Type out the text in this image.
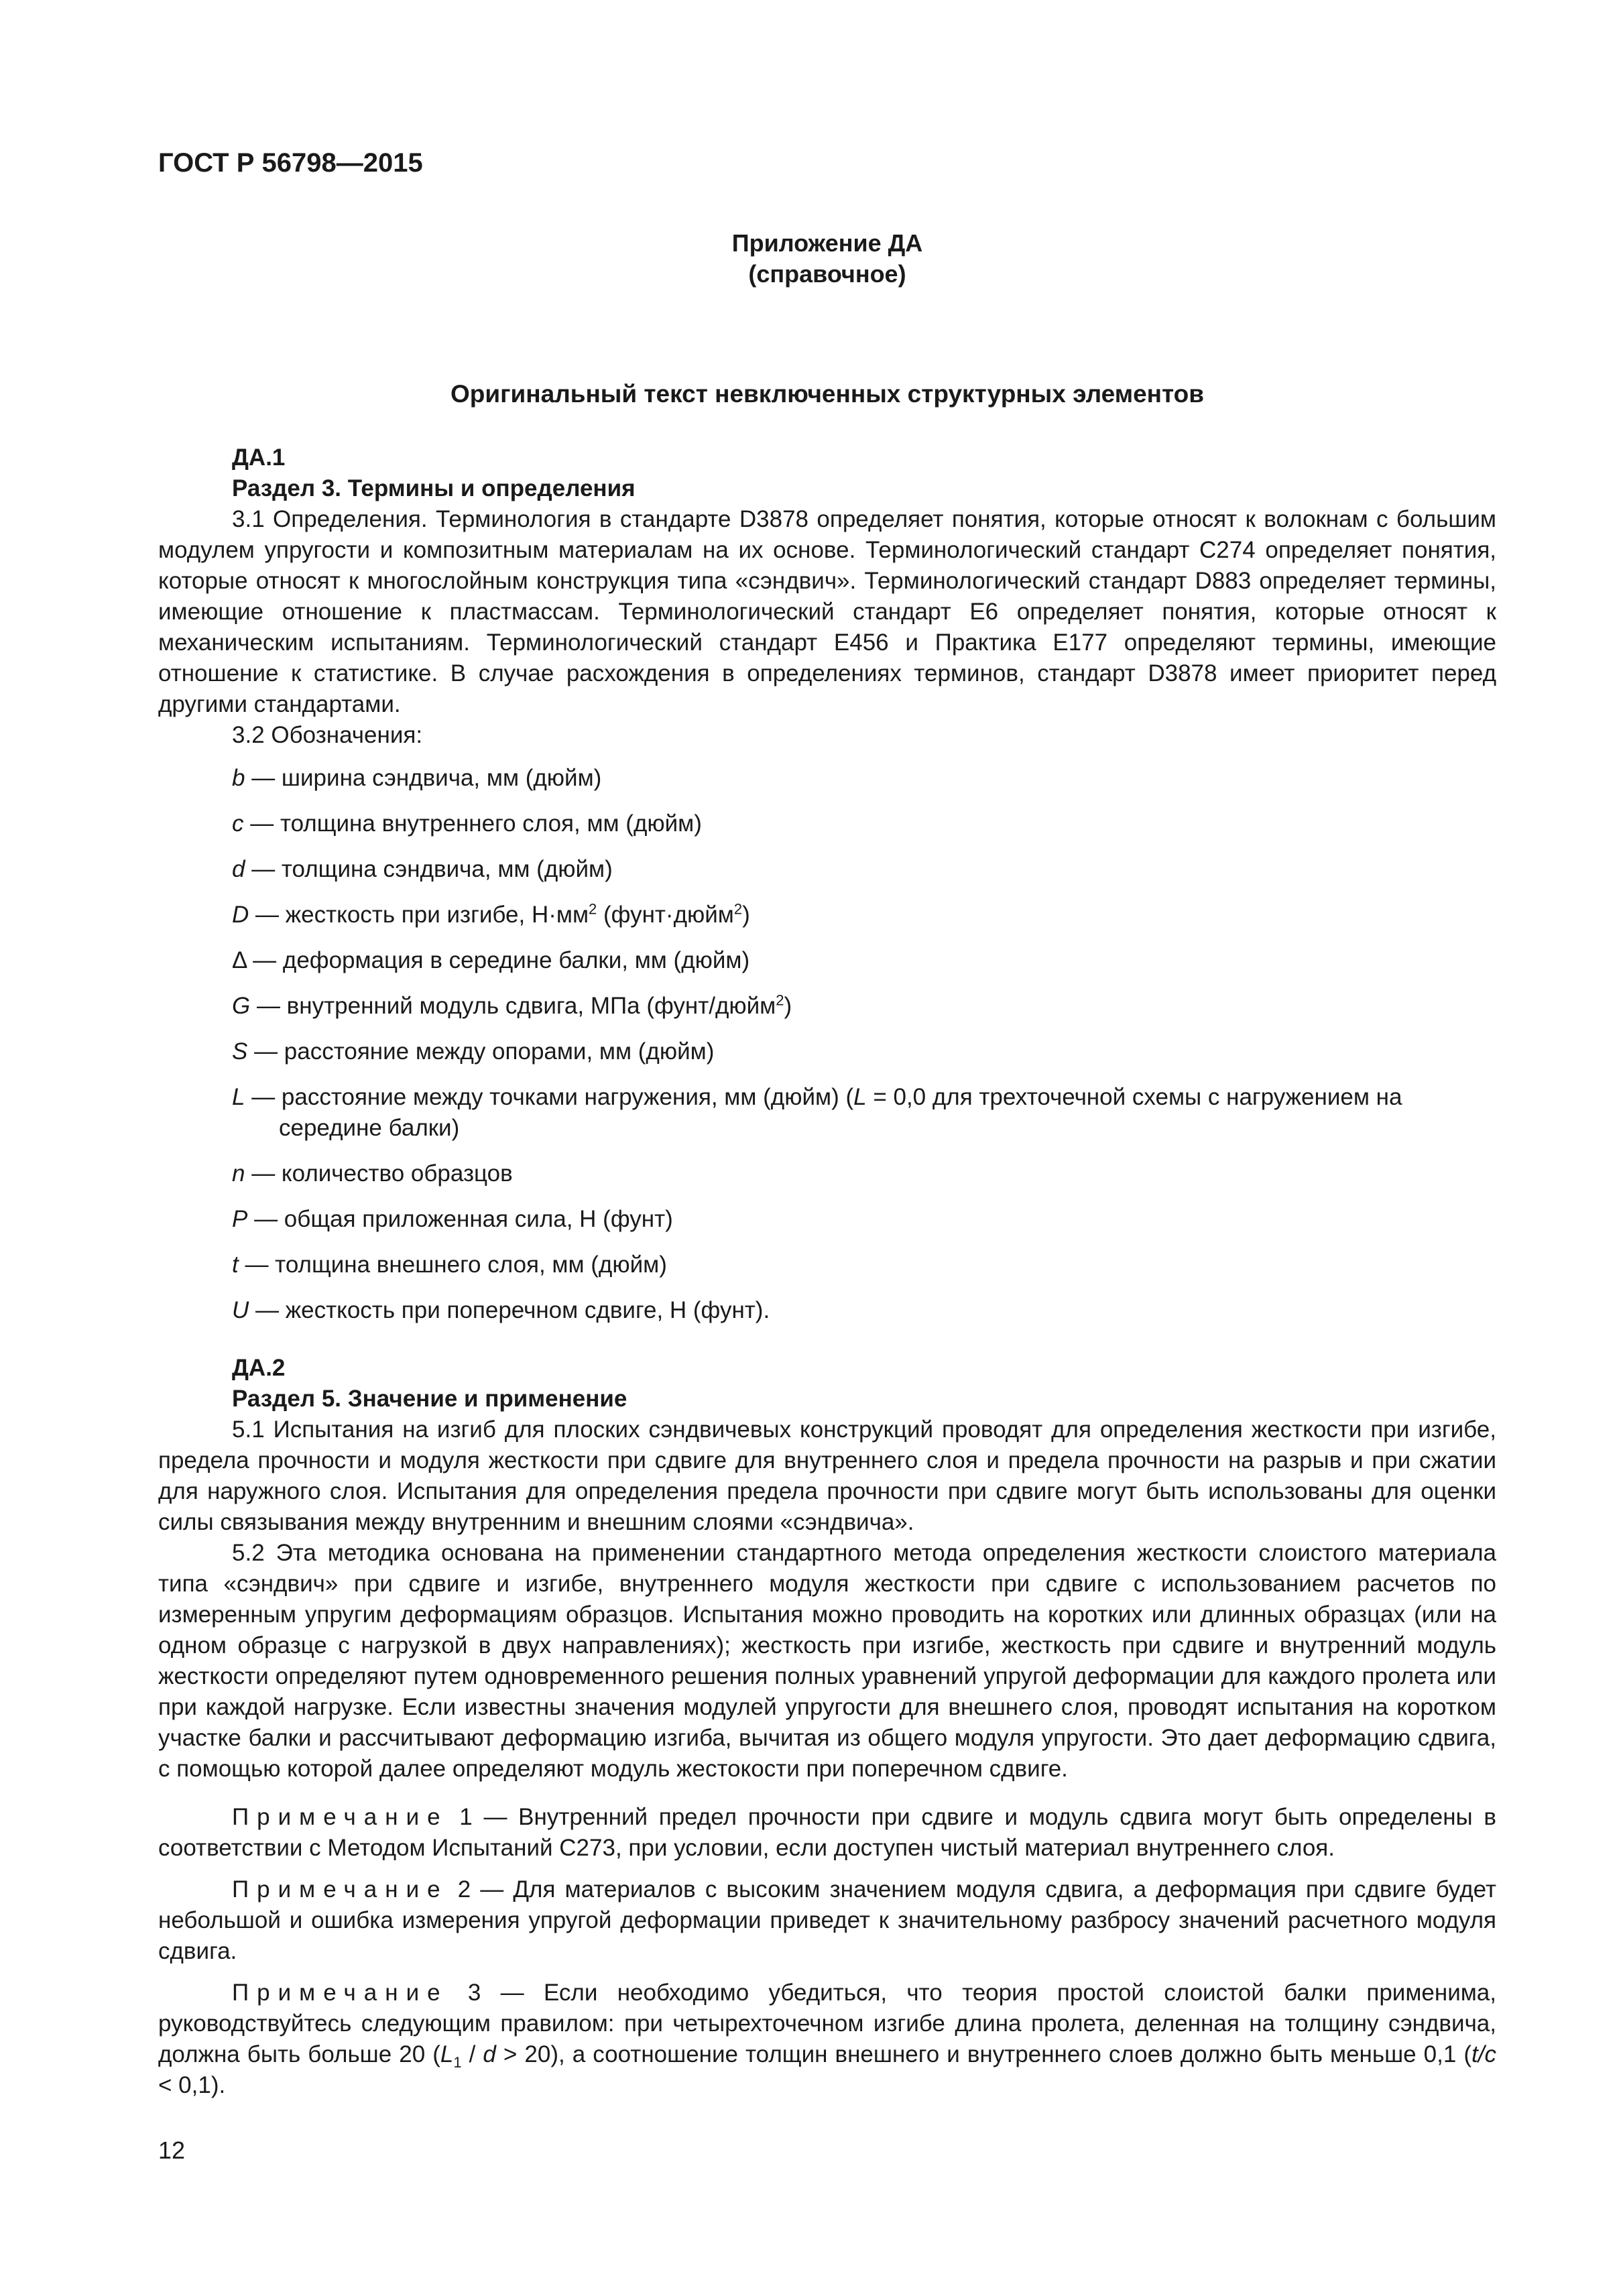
ГОСТ Р 56798—2015
Приложение ДА
(справочное)
Оригинальный текст невключенных структурных элементов
ДА.1
Раздел 3. Термины и определения

3.1 Определения. Терминология в стандарте D3878 определяет понятия, которые относят к волокнам с большим модулем упругости и композитным материалам на их основе. Терминологический стандарт С274 определяет понятия, которые относят к многослойным конструкция типа «сэндвич». Терминологический стандарт D883 определяет термины, имеющие отношение к пластмассам. Терминологический стандарт Е6 определяет понятия, которые относят к механическим испытаниям. Терминологический стандарт Е456 и Практика Е177 определяют термины, имеющие отношение к статистике. В случае расхождения в определениях терминов, стандарт D3878 имеет приоритет перед другими стандартами.

3.2 Обозначения:

b — ширина сэндвича, мм (дюйм)
c — толщина внутреннего слоя, мм (дюйм)
d — толщина сэндвича, мм (дюйм)
D — жесткость при изгибе, $Н\cdot мм^2$ (фунт·дюйм$^2$)
Δ — деформация в середине балки, мм (дюйм)
G — внутренний модуль сдвига, МПа (фунт/дюйм$^2$)
S — расстояние между опорами, мм (дюйм)
L — расстояние между точками нагружения, мм (дюйм) (L = 0,0 для трехточечной схемы с нагружением на середине балки)
n — количество образцов
P — общая приложенная сила, Н (фунт)
t — толщина внешнего слоя, мм (дюйм)
U — жесткость при поперечном сдвиге, Н (фунт).
ДА.2
Раздел 5. Значение и применение

5.1 Испытания на изгиб для плоских сэндвичевых конструкций проводят для определения жесткости при изгибе, предела прочности и модуля жесткости при сдвиге для внутреннего слоя и предела прочности на разрыв и при сжатии для наружного слоя. Испытания для определения предела прочности при сдвиге могут быть использованы для оценки силы связывания между внутренним и внешним слоями «сэндвича».

5.2 Эта методика основана на применении стандартного метода определения жесткости слоистого материала типа «сэндвич» при сдвиге и изгибе, внутреннего модуля жесткости при сдвиге с использованием расчетов по измеренным упругим деформациям образцов. Испытания можно проводить на коротких или длинных образцах (или на одном образце с нагрузкой в двух направлениях); жесткость при изгибе, жесткость при сдвиге и внутренний модуль жесткости определяют путем одновременного решения полных уравнений упругой деформации для каждого пролета или при каждой нагрузке. Если известны значения модулей упругости для внешнего слоя, проводят испытания на коротком участке балки и рассчитывают деформацию изгиба, вычитая из общего модуля упругости. Это дает деформацию сдвига, с помощью которой далее определяют модуль жестокости при поперечном сдвиге.

Примечание 1 — Внутренний предел прочности при сдвиге и модуль сдвига могут быть определены в соответствии с Методом Испытаний С273, при условии, если доступен чистый материал внутреннего слоя.

Примечание 2 — Для материалов с высоким значением модуля сдвига, а деформация при сдвиге будет небольшой и ошибка измерения упругой деформации приведет к значительному разбросу значений расчетного модуля сдвига.

Примечание 3 — Если необходимо убедиться, что теория простой слоистой балки применима, руководствуйтесь следующим правилом: при четырехточечном изгибе длина пролета, деленная на толщину сэндвича, должна быть больше 20 $(L_1 / d > 20)$, а соотношение толщин внешнего и внутреннего слоев должно быть меньше 0,1 (t/c < 0,1).

12
